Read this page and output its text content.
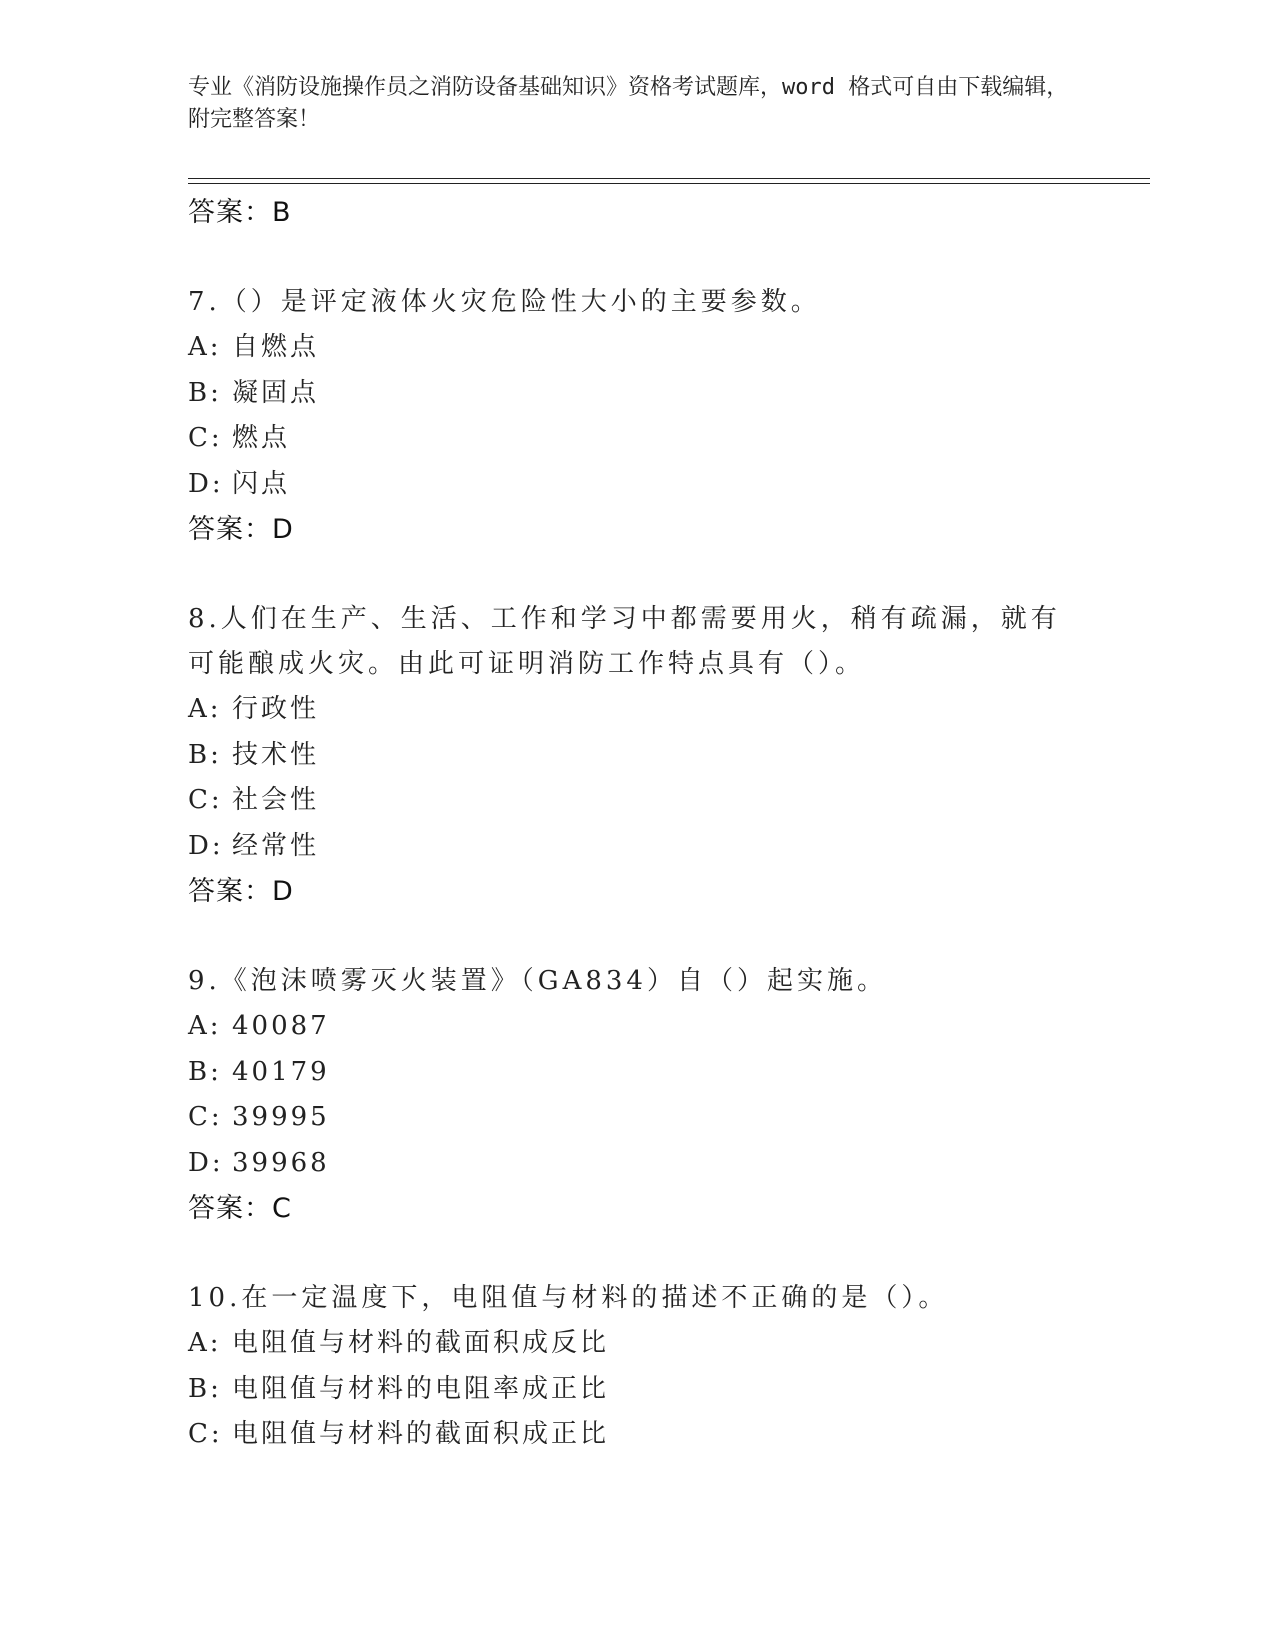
专业《消防设施操作员之消防设备基础知识》资格考试题库，word 格式可自由下载编辑，附完整答案！
答案：B
7.（）是评定液体火灾危险性大小的主要参数。
A: 自燃点
B: 凝固点
C: 燃点
D: 闪点
答案：D
8.人们在生产、生活、工作和学习中都需要用火，稍有疏漏，就有可能酿成火灾。由此可证明消防工作特点具有（）。
A: 行政性
B: 技术性
C: 社会性
D: 经常性
答案：D
9.《泡沫喷雾灭火装置》（GA834）自（）起实施。
A: 40087
B: 40179
C: 39995
D: 39968
答案：C
10.在一定温度下，电阻值与材料的描述不正确的是（）。
A: 电阻值与材料的截面积成反比
B: 电阻值与材料的电阻率成正比
C: 电阻值与材料的截面积成正比
